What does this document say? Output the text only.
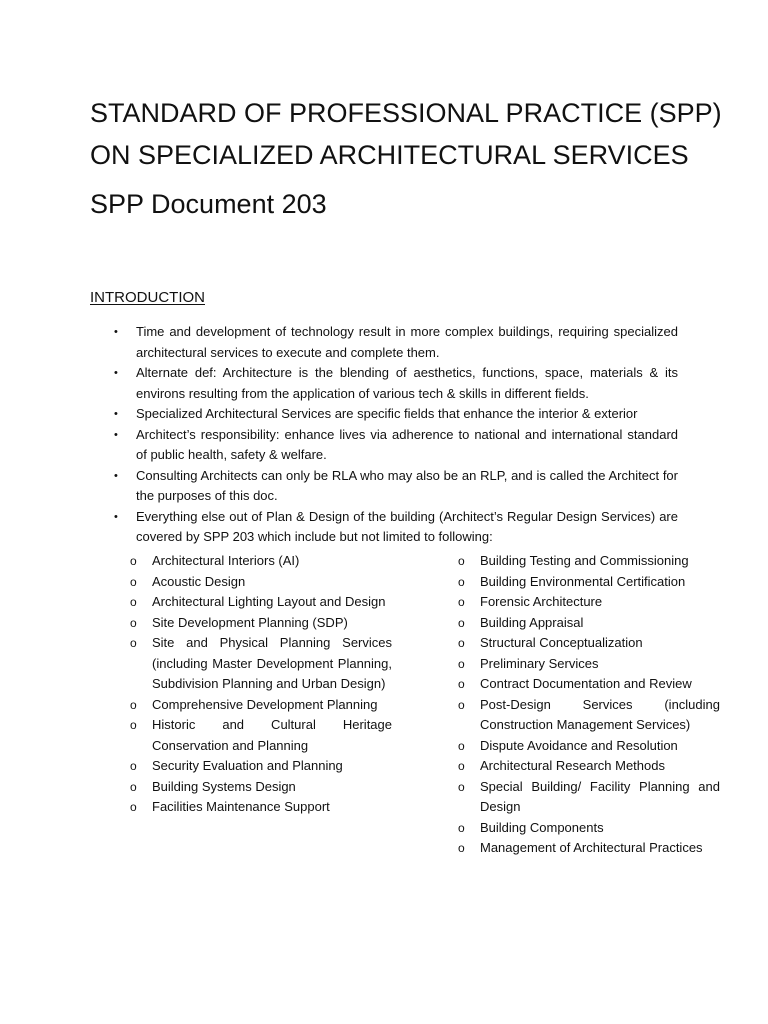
STANDARD OF PROFESSIONAL PRACTICE (SPP)
ON SPECIALIZED ARCHITECTURAL SERVICES
SPP Document 203
INTRODUCTION
• Time and development of technology result in more complex buildings, requiring specialized architectural services to execute and complete them.
• Alternate def: Architecture is the blending of aesthetics, functions, space, materials & its environs resulting from the application of various tech & skills in different fields.
• Specialized Architectural Services are specific fields that enhance the interior & exterior
• Architect’s responsibility: enhance lives via adherence to national and international standard of public health, safety & welfare.
• Consulting Architects can only be RLA who may also be an RLP, and is called the Architect for the purposes of this doc.
• Everything else out of Plan & Design of the building (Architect’s Regular Design Services) are covered by SPP 203 which include but not limited to following:
o Architectural Interiors (AI)
o Acoustic Design
o Architectural Lighting Layout and Design
o Site Development Planning (SDP)
o Site and Physical Planning Services (including Master Development Planning, Subdivision Planning and Urban Design)
o Comprehensive Development Planning
o Historic and Cultural Heritage Conservation and Planning
o Security Evaluation and Planning
o Building Systems Design
o Facilities Maintenance Support
o Building Testing and Commissioning
o Building Environmental Certification
o Forensic Architecture
o Building Appraisal
o Structural Conceptualization
o Preliminary Services
o Contract Documentation and Review
o Post-Design Services (including Construction Management Services)
o Dispute Avoidance and Resolution
o Architectural Research Methods
o Special Building/ Facility Planning and Design
o Building Components
o Management of Architectural Practices
